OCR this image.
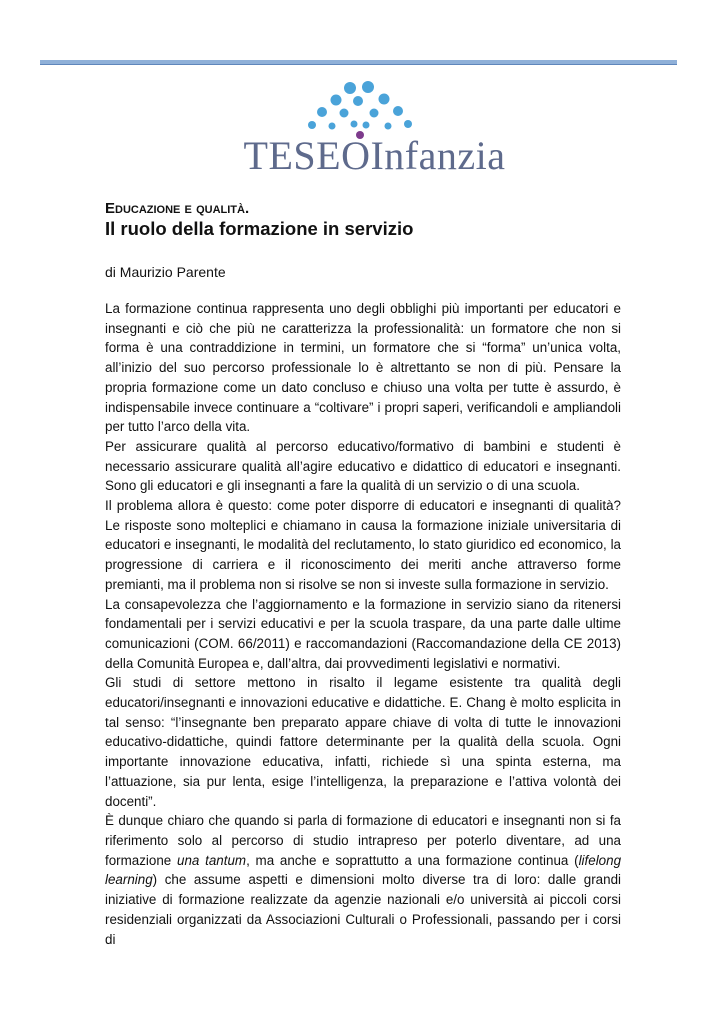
TESEOInfanzia
Educazione e qualità.
Il ruolo della formazione in servizio
di Maurizio Parente

La formazione continua rappresenta uno degli obblighi più importanti per educatori e insegnanti e ciò che più ne caratterizza la professionalità: un formatore che non si forma è una contraddizione in termini, un formatore che si “forma” un’unica volta, all’inizio del suo percorso professionale lo è altrettanto se non di più. Pensare la propria formazione come un dato concluso e chiuso una volta per tutte è assurdo, è indispensabile invece continuare a “coltivare” i propri saperi, verificandoli e ampliandoli per tutto l’arco della vita.

Per assicurare qualità al percorso educativo/formativo di bambini e studenti è necessario assicurare qualità all’agire educativo e didattico di educatori e insegnanti. Sono gli educatori e gli insegnanti a fare la qualità di un servizio o di una scuola.

Il problema allora è questo: come poter disporre di educatori e insegnanti di qualità? Le risposte sono molteplici e chiamano in causa la formazione iniziale universitaria di educatori e insegnanti, le modalità del reclutamento, lo stato giuridico ed economico, la progressione di carriera e il riconoscimento dei meriti anche attraverso forme premianti, ma il problema non si risolve se non si investe sulla formazione in servizio.

La consapevolezza che l’aggiornamento e la formazione in servizio siano da ritenersi fondamentali per i servizi educativi e per la scuola traspare, da una parte dalle ultime comunicazioni (COM. 66/2011) e raccomandazioni (Raccomandazione della CE 2013) della Comunità Europea e, dall’altra, dai provvedimenti legislativi e normativi.

Gli studi di settore mettono in risalto il legame esistente tra qualità degli educatori/insegnanti e innovazioni educative e didattiche. E. Chang è molto esplicita in tal senso: “l’insegnante ben preparato appare chiave di volta di tutte le innovazioni educativo-didattiche, quindi fattore determinante per la qualità della scuola. Ogni importante innovazione educativa, infatti, richiede sì una spinta esterna, ma l’attuazione, sia pur lenta, esige l’intelligenza, la preparazione e l’attiva volontà dei docenti”.

È dunque chiaro che quando si parla di formazione di educatori e insegnanti non si fa riferimento solo al percorso di studio intrapreso per poterlo diventare, ad una formazione una tantum, ma anche e soprattutto a una formazione continua (lifelong learning) che assume aspetti e dimensioni molto diverse tra di loro: dalle grandi iniziative di formazione realizzate da agenzie nazionali e/o università ai piccoli corsi residenziali organizzati da Associazioni Culturali o Professionali, passando per i corsi di
